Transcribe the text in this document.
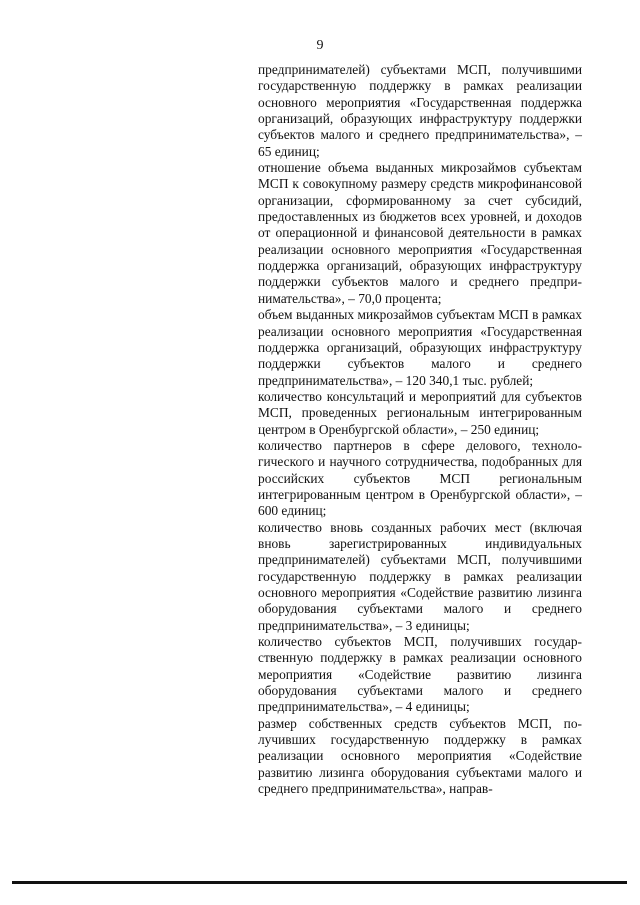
9

предпринимателей) субъектами МСП, получившими государственную поддержку в рамках реализации основного мероприятия «Государственная поддержка организаций, образующих инфраструктуру поддержки субъектов малого и среднего предпринимательства», – 65 единиц;

отношение объема выданных микрозаймов субъектам МСП к совокупному размеру средств микрофинансовой организации, сформированному за счет субсидий, предоставленных из бюджетов всех уровней, и доходов от операционной и финансовой деятельности в рамках реализации основного мероприятия «Государственная поддержка организаций, образующих инфраструктуру поддержки субъектов малого и среднего предпринимательства», – 70,0 процента;

объем выданных микрозаймов субъектам МСП в рамках реализации основного мероприятия «Государственная поддержка организаций, образующих инфраструктуру поддержки субъектов малого и среднего предпринимательства», – 120 340,1 тыс. рублей;

количество консультаций и мероприятий для субъектов МСП, проведенных региональным интегрированным центром в Оренбургской области», – 250 единиц;

количество партнеров в сфере делового, технологического и научного сотрудничества, подобранных для российских субъектов МСП региональным интегрированным центром в Оренбургской области», – 600 единиц;

количество вновь созданных рабочих мест (включая вновь зарегистрированных индивидуальных предпринимателей) субъектами МСП, получившими государственную поддержку в рамках реализации основного мероприятия «Содействие развитию лизинга оборудования субъектами малого и среднего предпринимательства», – 3 единицы;

количество субъектов МСП, получивших государственную поддержку в рамках реализации основного мероприятия «Содействие развитию лизинга оборудования субъектами малого и среднего предпринимательства», – 4 единицы;

размер собственных средств субъектов МСП, получивших государственную поддержку в рамках реализации основного мероприятия «Содействие развитию лизинга оборудования субъектами малого и среднего предпринимательства», направ-
